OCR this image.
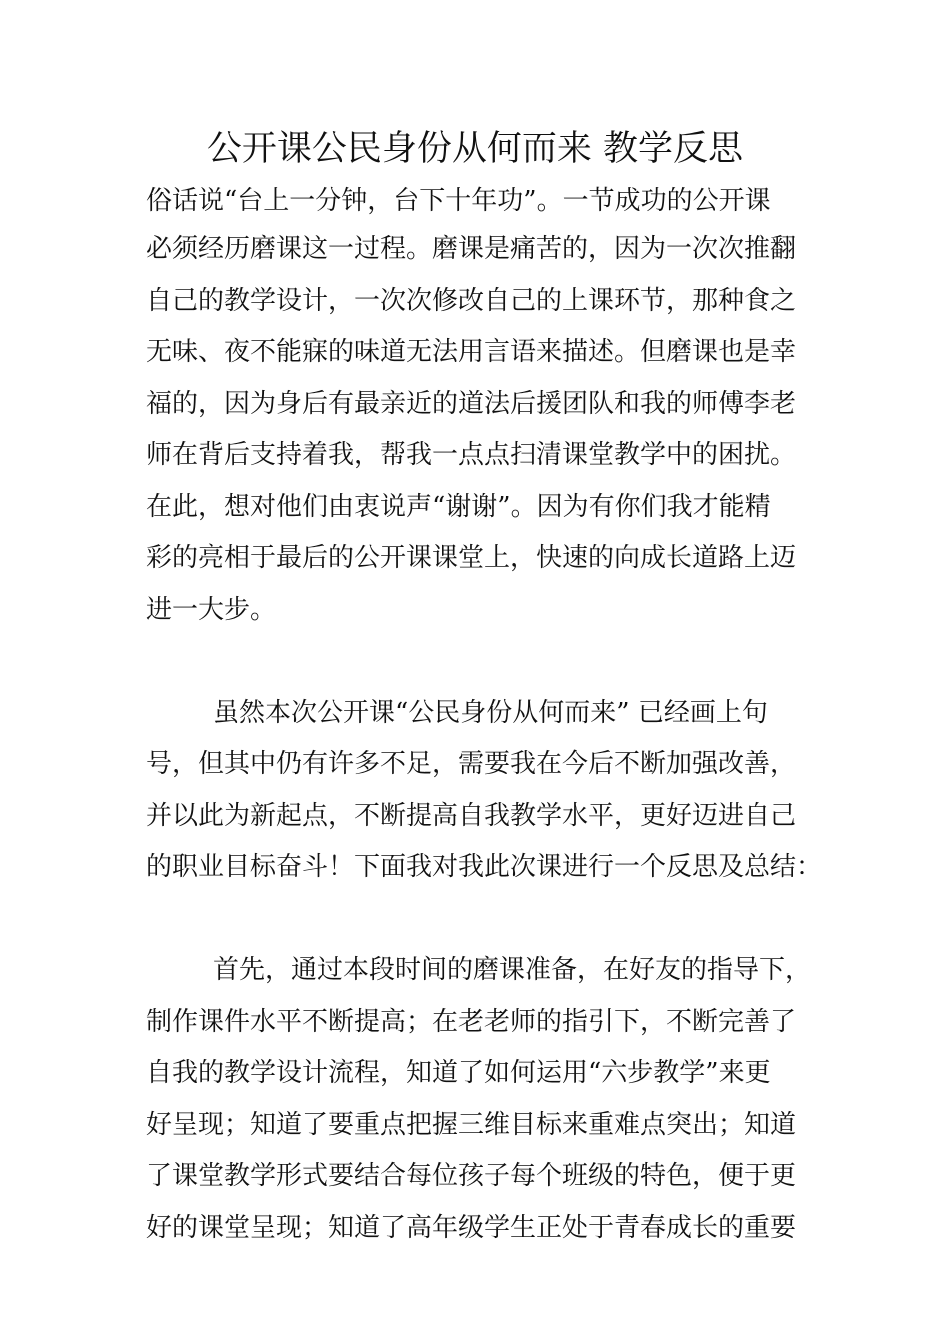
公开课公民身份从何而来 教学反思
俗话说“台上一分钟，台下十年功”。一节成功的公开课
必须经历磨课这一过程。磨课是痛苦的，因为一次次推翻
自己的教学设计，一次次修改自己的上课环节，那种食之
无味、夜不能寐的味道无法用言语来描述。但磨课也是幸
福的，因为身后有最亲近的道法后援团队和我的师傅李老
师在背后支持着我，帮我一点点扫清课堂教学中的困扰。
在此，想对他们由衷说声“谢谢”。因为有你们我才能精
彩的亮相于最后的公开课课堂上，快速的向成长道路上迈
进一大步。
虽然本次公开课“公民身份从何而来” 已经画上句
号，但其中仍有许多不足，需要我在今后不断加强改善，
并以此为新起点，不断提高自我教学水平，更好迈进自己
的职业目标奋斗！下面我对我此次课进行一个反思及总结：
首先，通过本段时间的磨课准备，在好友的指导下，
制作课件水平不断提高；在老老师的指引下，不断完善了
自我的教学设计流程，知道了如何运用“六步教学”来更
好呈现；知道了要重点把握三维目标来重难点突出；知道
了课堂教学形式要结合每位孩子每个班级的特色，便于更
好的课堂呈现；知道了高年级学生正处于青春成长的重要
